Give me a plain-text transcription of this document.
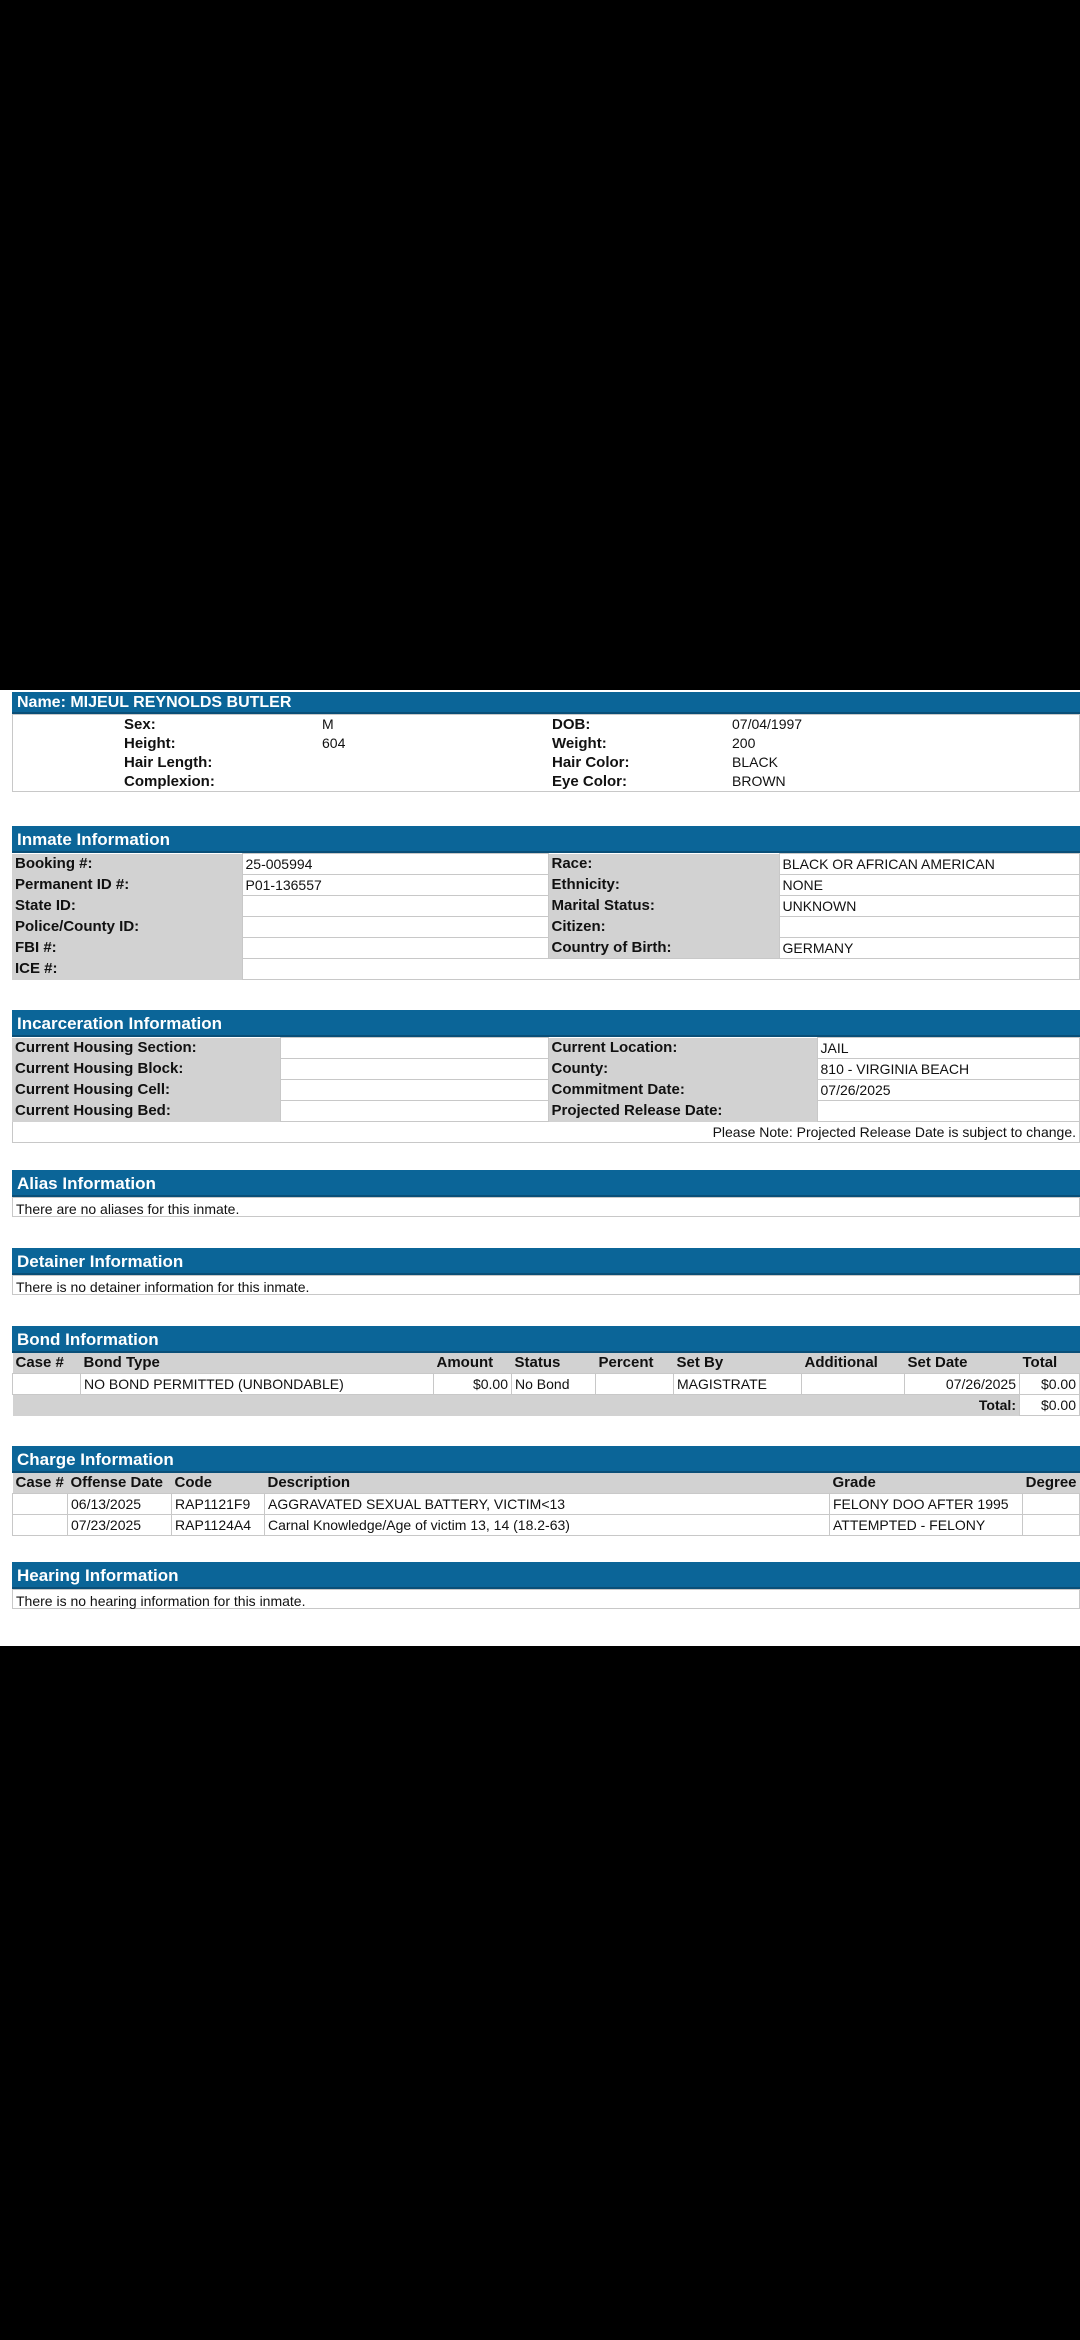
Name: MIJEUL REYNOLDS BUTLER
	Sex:	M	DOB:	07/04/1997	
	Height:	604	Weight:	200	
	Hair Length:		Hair Color:	BLACK	
	Complexion:		Eye Color:	BROWN	
Inmate Information
Booking #:	25-005994	Race:	BLACK OR AFRICAN AMERICAN
Permanent ID #:	P01-136557	Ethnicity:	NONE
State ID:		Marital Status:	UNKNOWN
Police/County ID:		Citizen:	
FBI #:		Country of Birth:	GERMANY
ICE #:			
Incarceration Information
Current Housing Section:		Current Location:	JAIL
Current Housing Block:		County:	810 - VIRGINIA BEACH
Current Housing Cell:		Commitment Date:	07/26/2025
Current Housing Bed:		Projected Release Date:	
Please Note: Projected Release Date is subject to change.
Alias Information
There are no aliases for this inmate.
Detainer Information
There is no detainer information for this inmate.
Bond Information
Case #	Bond Type	Amount	Status	Percent	Set By	Additional	Set Date	Total
	NO BOND PERMITTED (UNBONDABLE)	$0.00	No Bond		MAGISTRATE		07/26/2025	$0.00
Total:								$0.00
Charge Information
Case #	Offense Date	Code	Description	Grade	Degree
	06/13/2025	RAP1121F9	AGGRAVATED SEXUAL BATTERY, VICTIM<13	FELONY DOO AFTER 1995	
	07/23/2025	RAP1124A4	Carnal Knowledge/Age of victim 13, 14 (18.2-63)	ATTEMPTED - FELONY	
Hearing Information
There is no hearing information for this inmate.
